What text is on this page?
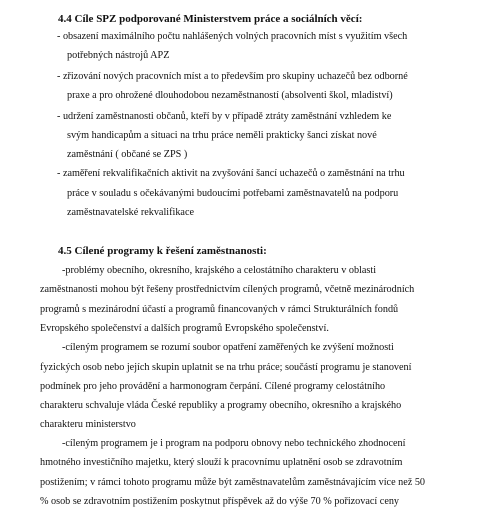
4.4 Cíle SPZ podporované Ministerstvem práce a sociálních věcí:
- obsazení maximálního počtu nahlášených volných pracovních míst s využitím všech
potřebných nástrojů APZ
- zřizování nových pracovních míst a to především pro skupiny uchazečů bez odborné
praxe a pro ohrožené dlouhodobou nezaměstnaností (absolventi škol, mladiství)
- udržení zaměstnanosti občanů, kteří by v případě ztráty zaměstnání vzhledem ke
svým handicapům a situaci na trhu práce neměli prakticky šanci získat nové
zaměstnání ( občané se ZPS )
- zaměření rekvalifikačních aktivit na zvyšování šancí uchazečů o zaměstnání na trhu
práce v souladu s očekávanými budoucími potřebami zaměstnavatelů na podporu
zaměstnavatelské rekvalifikace
4.5 Cílené programy k řešení zaměstnanosti:
-problémy obecního, okresního, krajského a celostátního charakteru v oblasti
zaměstnanosti mohou být řešeny prostřednictvím cílených programů, včetně mezinárodních
programů s mezinárodní účastí a programů financovaných v rámci Strukturálních fondů
Evropského společenství a dalších programů Evropského společenství.
-cíleným programem se rozumí soubor opatření zaměřených ke zvýšení možnosti
fyzických osob nebo jejích skupin uplatnit se na trhu práce; součástí programu je stanovení
podmínek pro jeho provádění a harmonogram čerpání. Cílené programy celostátního
charakteru schvaluje vláda České republiky a programy obecního, okresního a krajského
charakteru ministerstvo
-cíleným programem je i program na podporu obnovy nebo technického zhodnocení
hmotného investičního majetku, který slouží k pracovnímu uplatnění osob se zdravotním
postižením; v rámci tohoto programu může být zaměstnavatelům zaměstnávajícím více než 50
% osob se zdravotním postižením poskytnut příspěvek až do výše 70 % pořizovací ceny
